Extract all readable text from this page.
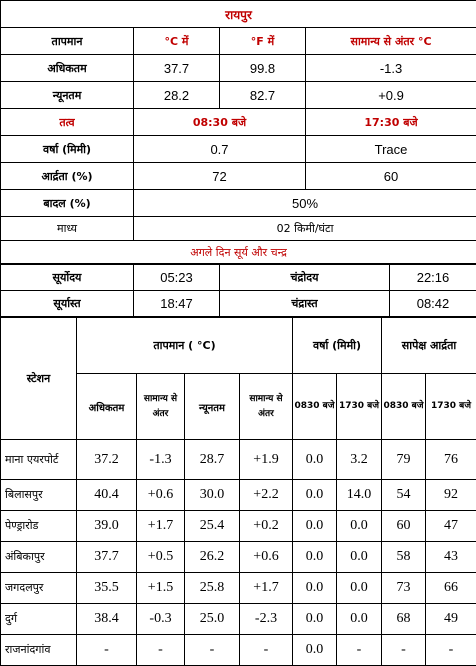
रायपुर			
तापमान	°C में	°F में	सामान्य से अंतर °C
अधिकतम	37.7	99.8	-1.3
न्यूनतम	28.2	82.7	+0.9
तत्व	08:30 बजे		17:30 बजे
वर्षा (मिमी)	0.7		Trace
आर्द्रता (%)	72		60
बादल (%)	50%		
माध्य	02 किमी/घंटा		
अगले दिन सूर्य और चन्द्र			
सूर्योदय	05:23	चंद्रोदय	22:16
सूर्यास्त	18:47	चंद्रास्त	08:42
स्टेशन	तापमान ( °C)				वर्षा (मिमी)		सापेक्ष आर्द्रता	
	अधिकतम	सामान्य से अंतर	न्यूनतम	सामान्य से अंतर	0830 बजे	1730 बजे	0830 बजे	1730 बजे
माना एयरपोर्ट	37.2	-1.3	28.7	+1.9	0.0	3.2	79	76
बिलासपुर	40.4	+0.6	30.0	+2.2	0.0	14.0	54	92
पेण्ड्रारोड	39.0	+1.7	25.4	+0.2	0.0	0.0	60	47
अंबिकापुर	37.7	+0.5	26.2	+0.6	0.0	0.0	58	43
जगदलपुर	35.5	+1.5	25.8	+1.7	0.0	0.0	73	66
दुर्ग	38.4	-0.3	25.0	-2.3	0.0	0.0	68	49
राजनांदगांव	-	-	-	-	0.0	-	-	-
